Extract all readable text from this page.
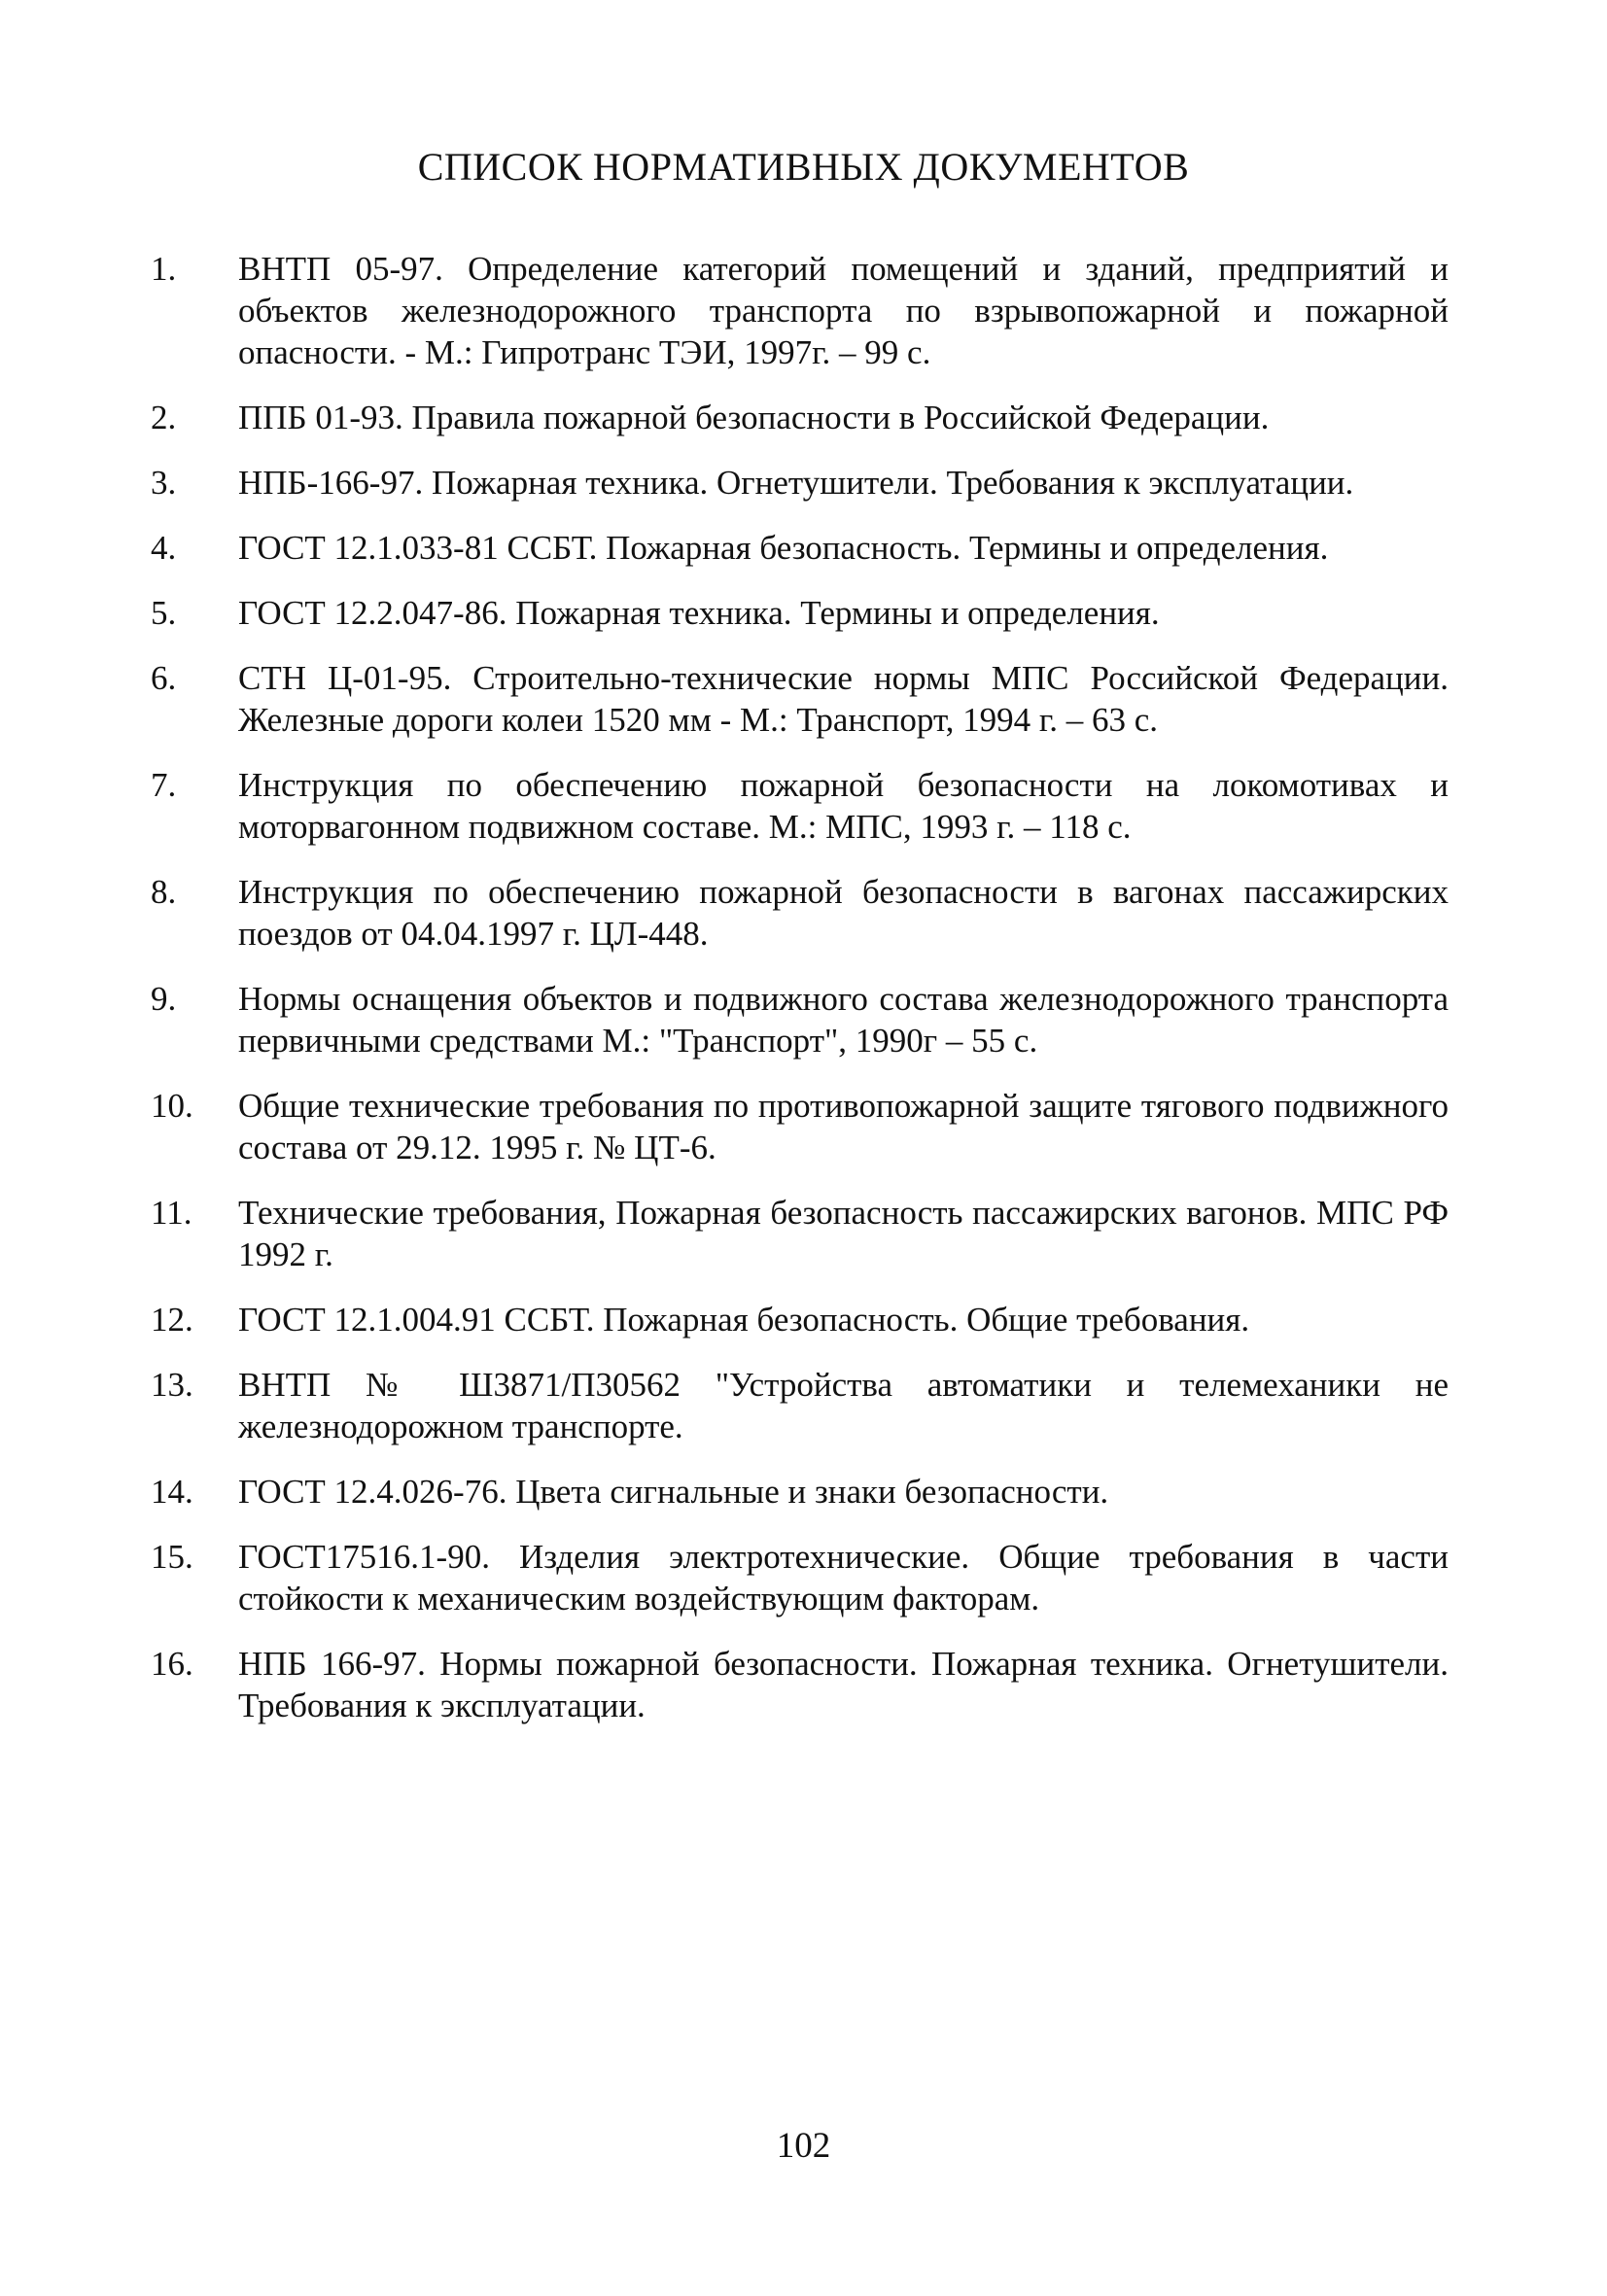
СПИСОК НОРМАТИВНЫХ ДОКУМЕНТОВ
1.	ВНТП 05-97. Определение категорий помещений и зданий, предприятий и объектов железнодорожного транспорта по взрывопожарной и пожарной опасности. - М.: Гипротранс ТЭИ, 1997г. – 99 с.
2.	ППБ 01-93. Правила пожарной безопасности в Российской Федерации.
3.	НПБ-166-97. Пожарная техника. Огнетушители. Требования к эксплуатации.
4.	ГОСТ 12.1.033-81 ССБТ. Пожарная безопасность. Термины и определения.
5.	ГОСТ 12.2.047-86. Пожарная техника. Термины и определения.
6.	СТН Ц-01-95. Строительно-технические нормы МПС Российской Федерации. Железные дороги колеи 1520 мм - М.: Транспорт, 1994 г. – 63 с.
7.	Инструкция по обеспечению пожарной безопасности на локомотивах и моторвагонном подвижном составе. М.: МПС, 1993 г. – 118 с.
8.	Инструкция по обеспечению пожарной безопасности в вагонах пассажирских поездов от 04.04.1997 г. ЦЛ-448.
9.	Нормы оснащения объектов и подвижного состава железнодорожного транспорта первичными средствами М.: "Транспорт", 1990г – 55 с.
10.	Общие технические требования по противопожарной защите тягового подвижного состава от 29.12. 1995 г. № ЦТ-6.
11.	Технические требования, Пожарная безопасность пассажирских вагонов. МПС РФ 1992 г.
12.	ГОСТ 12.1.004.91 ССБТ. Пожарная безопасность. Общие требования.
13.	ВНТП № Ш3871/П30562 "Устройства автоматики и телемеханики не железнодорожном транспорте.
14.	ГОСТ 12.4.026-76. Цвета сигнальные и знаки безопасности.
15.	ГОСТ17516.1-90. Изделия электротехнические. Общие требования в части стойкости к механическим воздействующим факторам.
16.	НПБ 166-97. Нормы пожарной безопасности. Пожарная техника. Огнетушители. Требования к эксплуатации.
102
